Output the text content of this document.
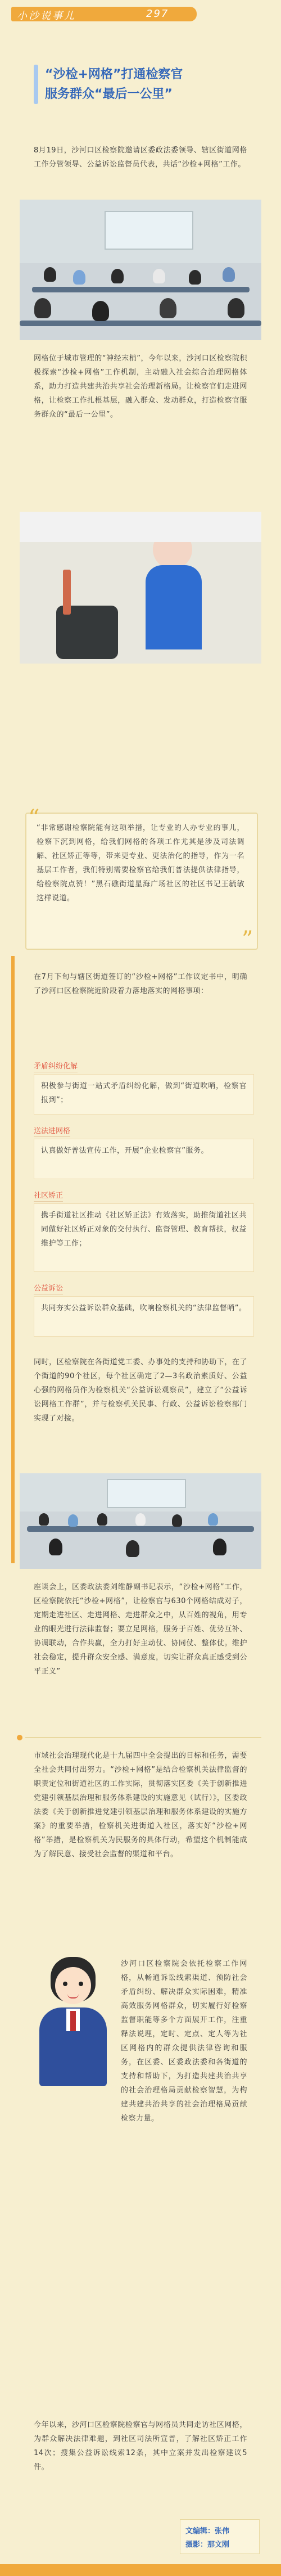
小沙说事儿	297
“沙检+网格”打通检察官
服务群众“最后一公里”

8月19日，沙河口区检察院邀请区委政法委领导、辖区街道网格工作分管领导、公益诉讼监督员代表，共话“沙检+网格”工作。

网格位于城市管理的“神经末梢”，今年以来，沙河口区检察院积极探索“沙检+网格”工作机制，主动融入社会综合治理网格体系，助力打造共建共治共享社会治理新格局。让检察官们走进网格，让检察工作扎根基层，融入群众、发动群众，打造检察官服务群众的“最后一公里”。

“
”

“非常感谢检察院能有这项举措，让专业的人办专业的事儿，检察下沉到网格，给我们网格的各项工作尤其是涉及司法调解、社区矫正等等，带来更专业、更法治化的指导，作为一名基层工作者，我们特别需要检察官给我们普法提供法律指导，给检察院点赞！”黑石礁街道星海广场社区的社区书记王毓敏这样说道。

在7月下旬与辖区街道签订的“沙检+网格”工作议定书中，明确了沙河口区检察院近阶段着力落地落实的网格事项：

矛盾纠纷化解

积极参与街道一站式矛盾纠纷化解，做到“街道吹哨，检察官报到”；

送法进网格

认真做好普法宣传工作，开展“企业检察官”服务。

社区矫正

携手街道社区推动《社区矫正法》有效落实，助推街道社区共同做好社区矫正对象的交付执行、监督管理、教育帮扶，权益维护等工作；

公益诉讼

共同夯实公益诉讼群众基础，吹响检察机关的“法律监督哨”。

同时，区检察院在各街道党工委、办事处的支持和协助下，在了个街道的90个社区，每个社区确定了2—3名政治素质好、公益心强的网格员作为检察机关“公益诉讼观察员”，建立了“公益诉讼网格工作群”，并与检察机关民事、行政、公益诉讼检察部门实现了对接。

座谈会上，区委政法委刘维静副书记表示，“沙检+网格”工作，区检察院依托“沙检+网格”，让检察官与630个网格结成对子，定期走进社区、走进网格、走进群众之中，从百姓的视角，用专业的眼光进行法律监督；要立足网格，服务于百姓、优势互补、协调联动，合作共赢，全力打好主动仗、协同仗、整体仗。维护社会稳定，提升群众安全感、满意度，切实让群众真正感受到公平正义”

市域社会治理现代化是十九届四中全会提出的目标和任务，需要全社会共同付出努力。“沙检+网格”是结合检察机关法律监督的职责定位和街道社区的工作实际，贯彻落实区委《关于创新推进党建引领基层治理和服务体系建设的实施意见（试行）》，区委政法委《关于创新推进党建引领基层治理和服务体系建设的实施方案》的重要举措，检察机关进街道入社区，落实好“沙检+网格”举措，是检察机关为民服务的具体行动，希望这个机制能成为了解民意、接受社会监督的渠道和平台。

沙河口区检察院会依托检察工作网格，从畅通诉讼线索渠道、预防社会矛盾纠纷、解决群众实际困难，精准高效服务网格群众，切实履行好检察监督职能等多个方面展开工作，注重释法说理，定时、定点、定人等为社区网格内的群众提供法律咨询和服务，在区委、区委政法委和各街道的支持和帮助下，为打造共建共治共享的社会治理格局贡献检察智慧，为构建共建共治共享的社会治理格局贡献检察力量。

今年以来，沙河口区检察院检察官与网格员共同走访社区网格，为群众解决法律难题，到社区司法所宣普，了解社区矫正工作14次；搜集公益诉讼线索12条，其中立案并发出检察建议5件。

文编辑：张伟
摄影：那文刚
